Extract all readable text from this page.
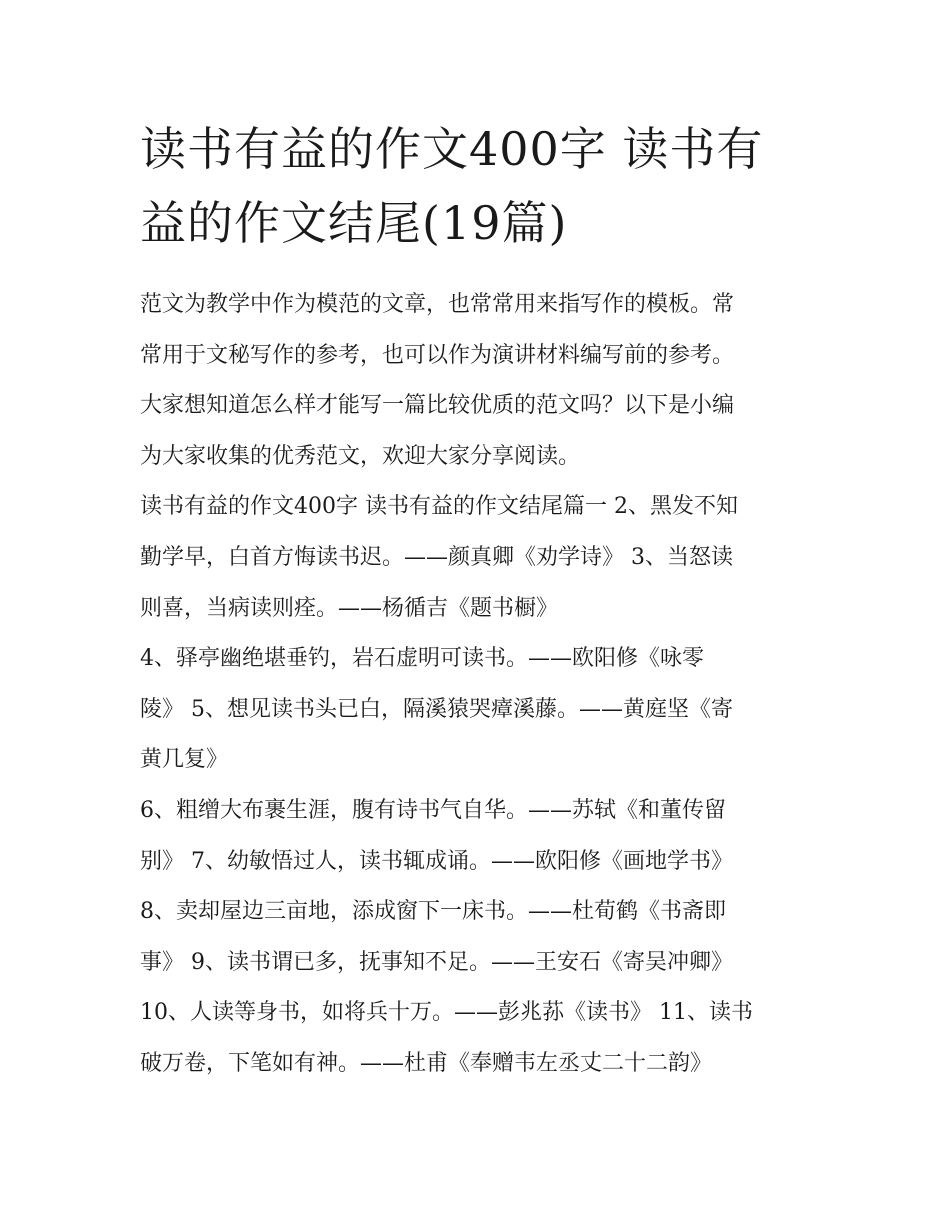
读书有益的作文400字 读书有
益的作文结尾(19篇)

范文为教学中作为模范的文章，也常常用来指写作的模板。常

常用于文秘写作的参考，也可以作为演讲材料编写前的参考。

大家想知道怎么样才能写一篇比较优质的范文吗？以下是小编

为大家收集的优秀范文，欢迎大家分享阅读。

读书有益的作文400字 读书有益的作文结尾篇一 2、黑发不知

勤学早，白首方悔读书迟。——颜真卿《劝学诗》 3、当怒读

则喜，当病读则痊。——杨循吉《题书橱》

4、驿亭幽绝堪垂钓，岩石虚明可读书。——欧阳修《咏零

陵》 5、想见读书头已白，隔溪猿哭瘴溪藤。——黄庭坚《寄

黄几复》

6、粗缯大布裹生涯，腹有诗书气自华。——苏轼《和董传留

别》 7、幼敏悟过人，读书辄成诵。——欧阳修《画地学书》

8、卖却屋边三亩地，添成窗下一床书。——杜荀鹤《书斋即

事》 9、读书谓已多，抚事知不足。——王安石《寄吴冲卿》

10、人读等身书，如将兵十万。——彭兆荪《读书》 11、读书

破万卷，下笔如有神。——杜甫《奉赠韦左丞丈二十二韵》
